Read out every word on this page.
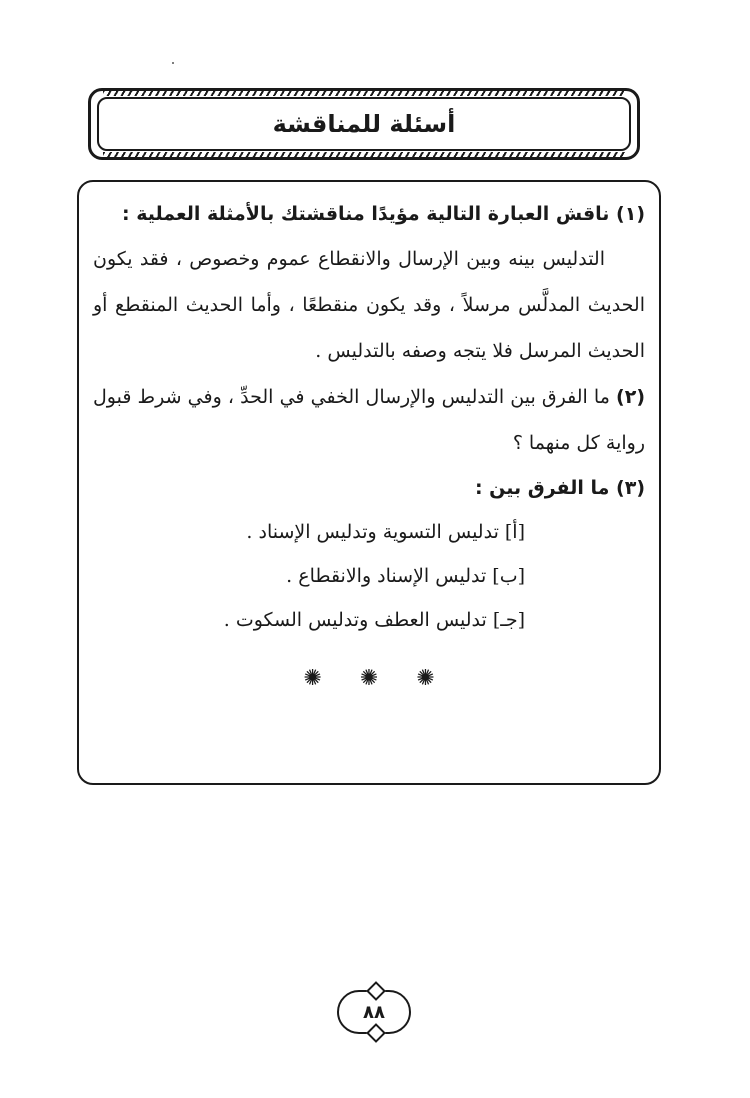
أسئلة للمناقشة

(١) ناقش العبارة التالية مؤيدًا مناقشتك بالأمثلة العملية :

التدليس بينه وبين الإرسال والانقطاع عموم وخصوص ، فقد يكون الحديث المدلَّس مرسلاً ، وقد يكون منقطعًا ، وأما الحديث المنقطع أو الحديث المرسل فلا يتجه وصفه بالتدليس .

(٢) ما الفرق بين التدليس والإرسال الخفي في الحدِّ ، وفي شرط قبول رواية كل منهما ؟

(٣) ما الفرق بين :

[أ] تدليس التسوية وتدليس الإسناد .
[ب] تدليس الإسناد والانقطاع .
[جـ] تدليس العطف وتدليس السكوت .
✺ ✺ ✺
٨٨
